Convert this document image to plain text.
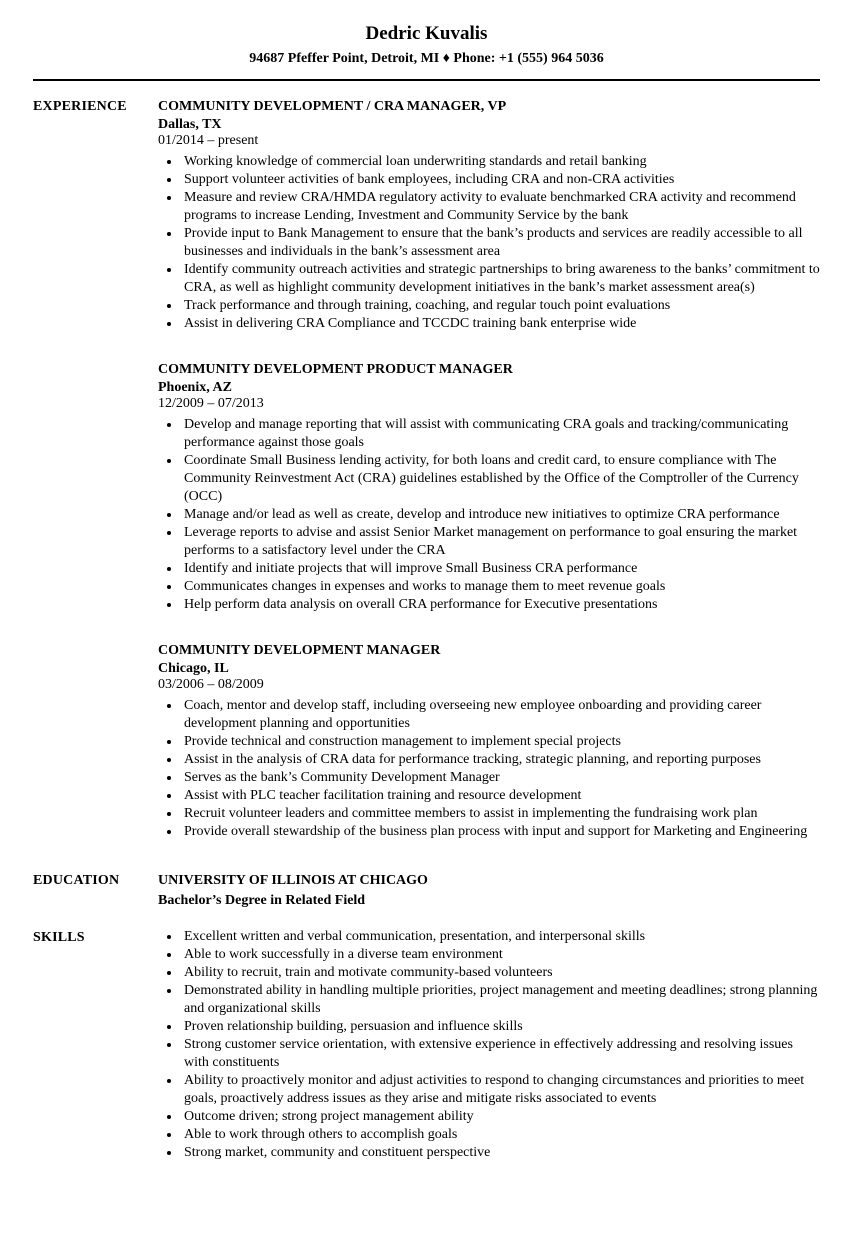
Dedric Kuvalis
94687 Pfeffer Point, Detroit, MI ♦ Phone: +1 (555) 964 5036
EXPERIENCE	COMMUNITY DEVELOPMENT / CRA MANAGER, VP
Dallas, TX
01/2014 – present
• Working knowledge of commercial loan underwriting standards and retail banking
• Support volunteer activities of bank employees, including CRA and non-CRA activities
• Measure and review CRA/HMDA regulatory activity to evaluate benchmarked CRA activity and recommend programs to increase Lending, Investment and Community Service by the bank
• Provide input to Bank Management to ensure that the bank’s products and services are readily accessible to all businesses and individuals in the bank’s assessment area
• Identify community outreach activities and strategic partnerships to bring awareness to the banks’ commitment to CRA, as well as highlight community development initiatives in the bank’s market assessment area(s)
• Track performance and through training, coaching, and regular touch point evaluations
• Assist in delivering CRA Compliance and TCCDC training bank enterprise wide
COMMUNITY DEVELOPMENT PRODUCT MANAGER
Phoenix, AZ
12/2009 – 07/2013
• Develop and manage reporting that will assist with communicating CRA goals and tracking/communicating performance against those goals
• Coordinate Small Business lending activity, for both loans and credit card, to ensure compliance with The Community Reinvestment Act (CRA) guidelines established by the Office of the Comptroller of the Currency (OCC)
• Manage and/or lead as well as create, develop and introduce new initiatives to optimize CRA performance
• Leverage reports to advise and assist Senior Market management on performance to goal ensuring the market performs to a satisfactory level under the CRA
• Identify and initiate projects that will improve Small Business CRA performance
• Communicates changes in expenses and works to manage them to meet revenue goals
• Help perform data analysis on overall CRA performance for Executive presentations
COMMUNITY DEVELOPMENT MANAGER
Chicago, IL
03/2006 – 08/2009
• Coach, mentor and develop staff, including overseeing new employee onboarding and providing career development planning and opportunities
• Provide technical and construction management to implement special projects
• Assist in the analysis of CRA data for performance tracking, strategic planning, and reporting purposes
• Serves as the bank’s Community Development Manager
• Assist with PLC teacher facilitation training and resource development
• Recruit volunteer leaders and committee members to assist in implementing the fundraising work plan
• Provide overall stewardship of the business plan process with input and support for Marketing and Engineering
EDUCATION	UNIVERSITY OF ILLINOIS AT CHICAGO
Bachelor’s Degree in Related Field
SKILLS	• Excellent written and verbal communication, presentation, and interpersonal skills
• Able to work successfully in a diverse team environment
• Ability to recruit, train and motivate community-based volunteers
• Demonstrated ability in handling multiple priorities, project management and meeting deadlines; strong planning and organizational skills
• Proven relationship building, persuasion and influence skills
• Strong customer service orientation, with extensive experience in effectively addressing and resolving issues with constituents
• Ability to proactively monitor and adjust activities to respond to changing circumstances and priorities to meet goals, proactively address issues as they arise and mitigate risks associated to events
• Outcome driven; strong project management ability
• Able to work through others to accomplish goals
• Strong market, community and constituent perspective
